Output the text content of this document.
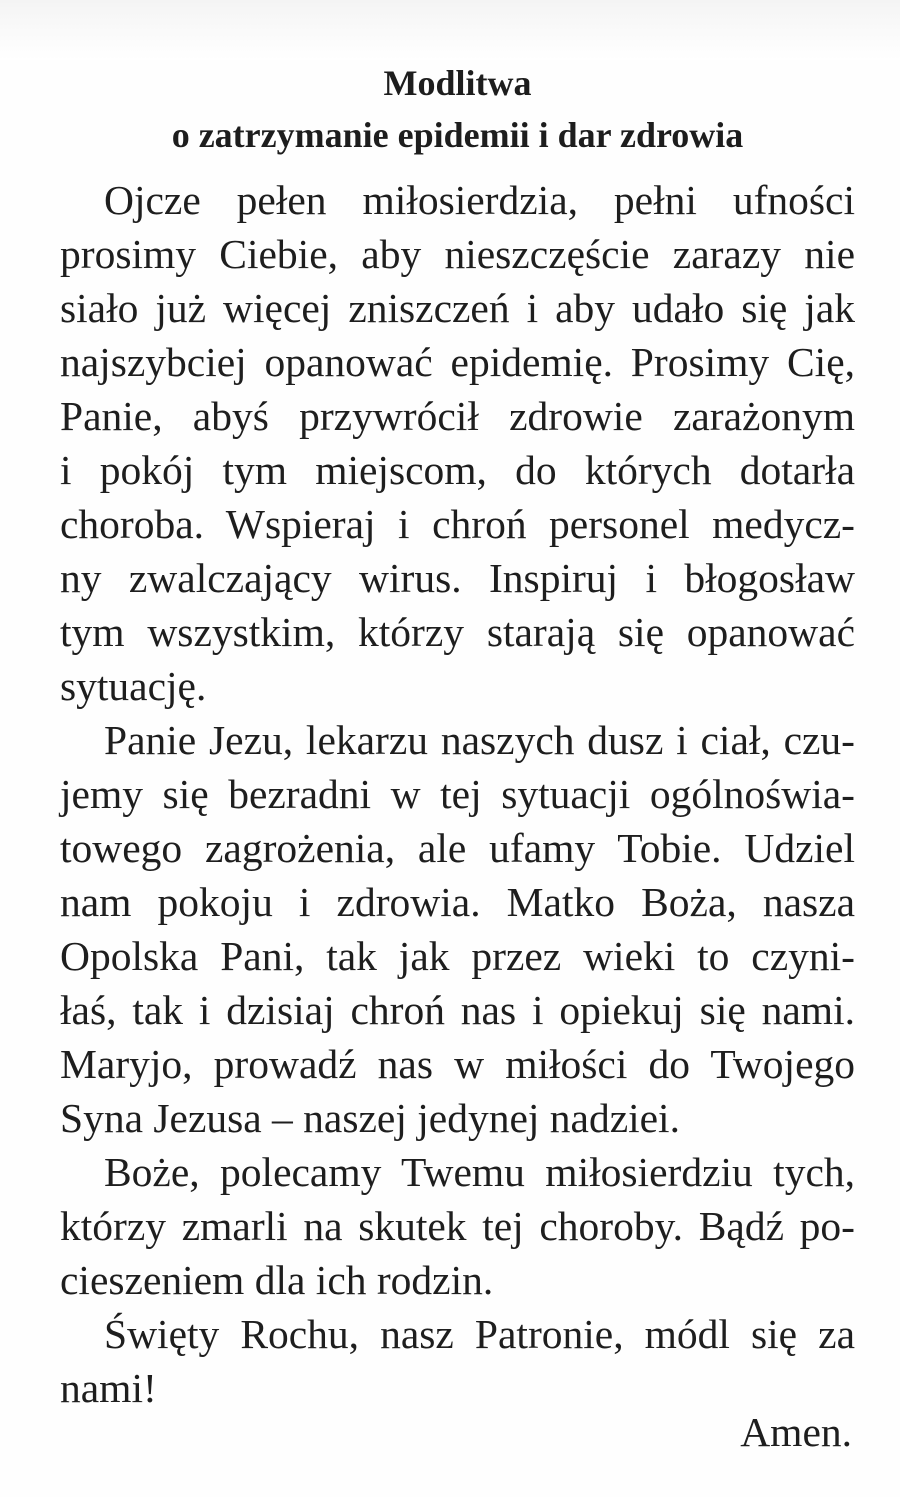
Modlitwa
o zatrzymanie epidemii i dar zdrowia
Ojcze pełen miłosierdzia, pełni ufności
prosimy Ciebie, aby nieszczęście zarazy nie
siało już więcej zniszczeń i aby udało się jak
najszybciej opanować epidemię. Prosimy Cię,
Panie, abyś przywrócił zdrowie zarażonym
i pokój tym miejscom, do których dotarła
choroba. Wspieraj i chroń personel medycz-
ny zwalczający wirus. Inspiruj i błogosław
tym wszystkim, którzy starają się opanować
sytuację.
Panie Jezu, lekarzu naszych dusz i ciał, czu-
jemy się bezradni w tej sytuacji ogólnoświa-
towego zagrożenia, ale ufamy Tobie. Udziel
nam pokoju i zdrowia. Matko Boża, nasza
Opolska Pani, tak jak przez wieki to czyni-
łaś, tak i dzisiaj chroń nas i opiekuj się nami.
Maryjo, prowadź nas w miłości do Twojego
Syna Jezusa – naszej jedynej nadziei.
Boże, polecamy Twemu miłosierdziu tych,
którzy zmarli na skutek tej choroby. Bądź po-
cieszeniem dla ich rodzin.
Święty Rochu, nasz Patronie, módl się za
nami!

Amen.
